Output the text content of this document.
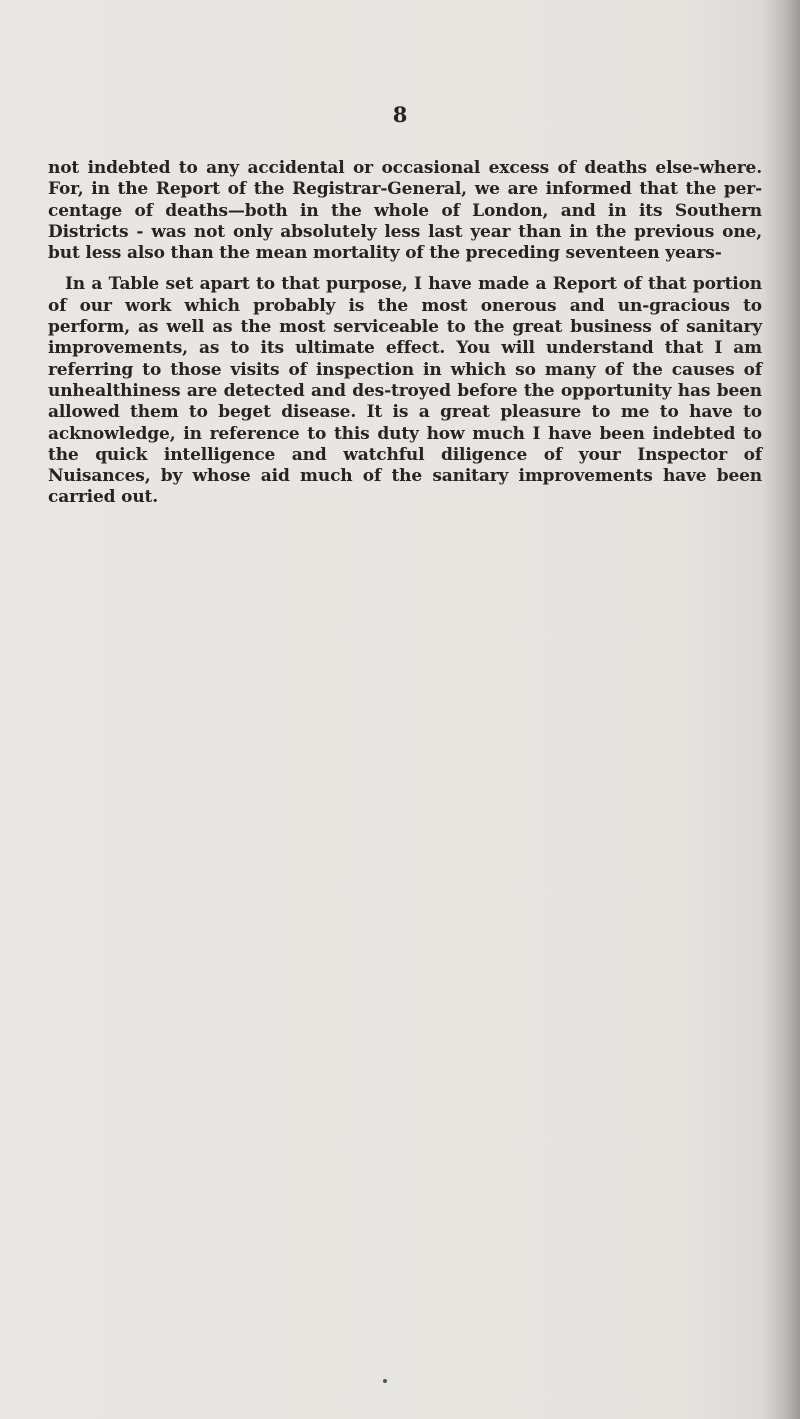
8

not indebted to any accidental or occasional excess of deaths else-where. For, in the Report of the Registrar-General, we are informed that the per-centage of deaths—both in the whole of London, and in its Southern Districts - was not only absolutely less last year than in the previous one, but less also than the mean mortality of the preceding seventeen years-

In a Table set apart to that purpose, I have made a Report of that portion of our work which probably is the most onerous and un-gracious to perform, as well as the most serviceable to the great business of sanitary improvements, as to its ultimate effect. You will understand that I am referring to those visits of inspection in which so many of the causes of unhealthiness are detected and des-troyed before the opportunity has been allowed them to beget disease. It is a great pleasure to me to have to acknowledge, in reference to this duty how much I have been indebted to the quick intelligence and watchful diligence of your Inspector of Nuisances, by whose aid much of the sanitary improvements have been carried out.
